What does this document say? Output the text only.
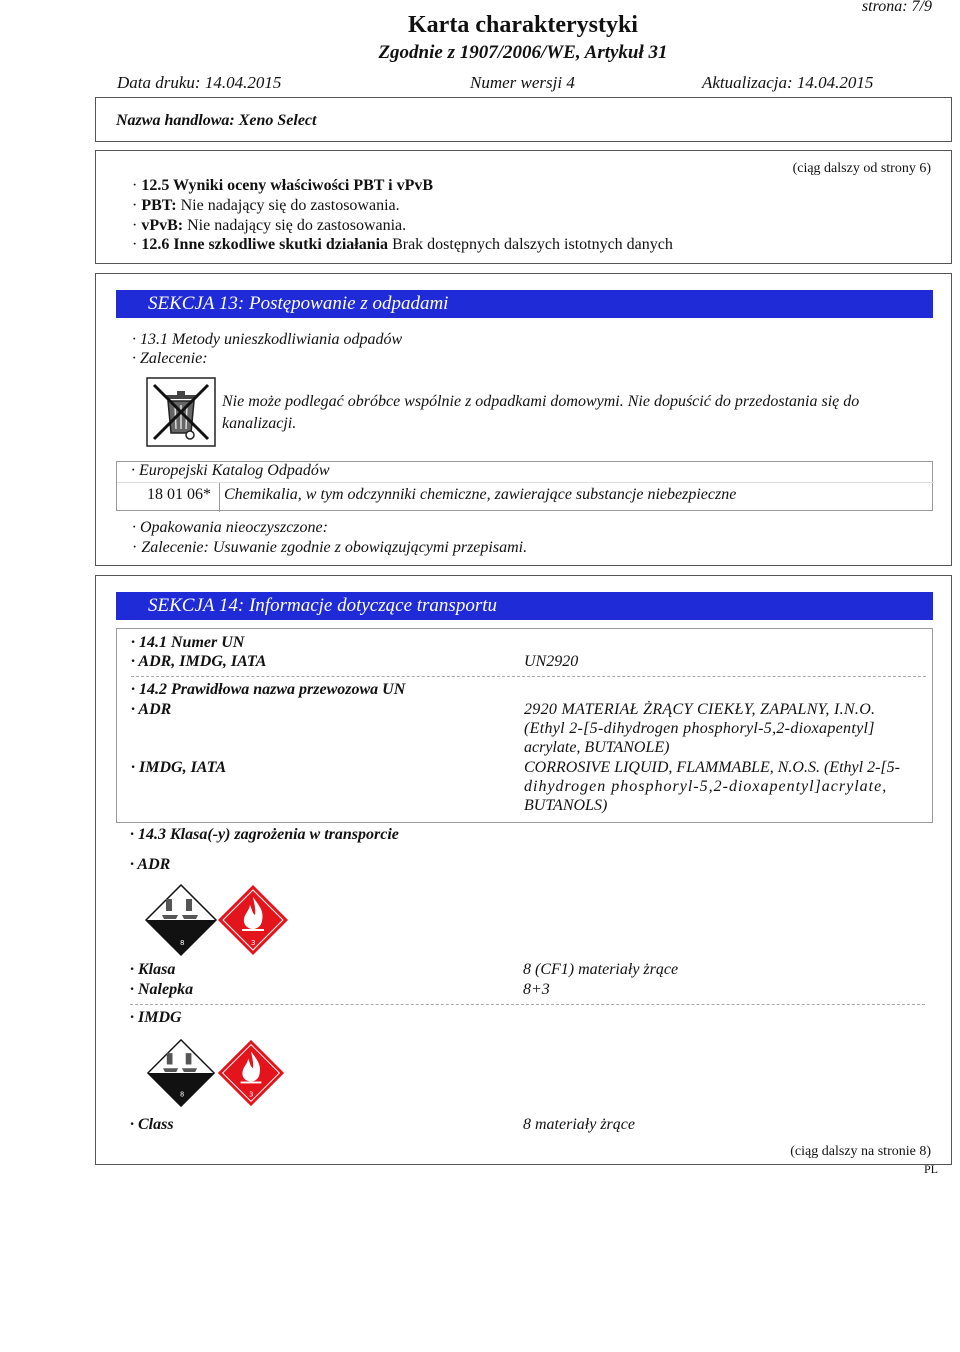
strona: 7/9
Karta charakterystyki
Zgodnie z 1907/2006/WE, Artykuł 31
Data druku: 14.04.2015	Numer wersji 4	Aktualizacja: 14.04.2015
Nazwa handlowa: Xeno Select
(ciąg dalszy od strony 6)
· 12.5 Wyniki oceny właściwości PBT i vPvB
· PBT: Nie nadający się do zastosowania.
· vPvB: Nie nadający się do zastosowania.
· 12.6 Inne szkodliwe skutki działania Brak dostępnych dalszych istotnych danych
SEKCJA 13: Postępowanie z odpadami
· 13.1 Metody unieszkodliwiania odpadów
· Zalecenie:
Nie może podlegać obróbce wspólnie z odpadkami domowymi. Nie dopuścić do przedostania się do
kanalizacji.
· Europejski Katalog Odpadów
18 01 06* Chemikalia, w tym odczynniki chemiczne, zawierające substancje niebezpieczne
· Opakowania nieoczyszczone:
· Zalecenie: Usuwanie zgodnie z obowiązującymi przepisami.
SEKCJA 14: Informacje dotyczące transportu
· 14.1 Numer UN
· ADR, IMDG, IATA	UN2920
· 14.2 Prawidłowa nazwa przewozowa UN
· ADR	2920 MATERIAŁ ŻRĄCY CIEKŁY, ZAPALNY, I.N.O.
(Ethyl 2-[5-dihydrogen phosphoryl-5,2-dioxapentyl]
acrylate, BUTANOLE)
· IMDG, IATA	CORROSIVE LIQUID, FLAMMABLE, N.O.S. (Ethyl 2-[5-
dihydrogen phosphoryl-5,2-dioxapentyl]acrylate,
BUTANOLS)
· 14.3 Klasa(-y) zagrożenia w transporcie
· ADR
8	3
· Klasa	8 (CF1) materiały żrące
· Nalepka	8+3
· IMDG
8	3
· Class	8 materiały żrące
(ciąg dalszy na stronie 8)
PL
